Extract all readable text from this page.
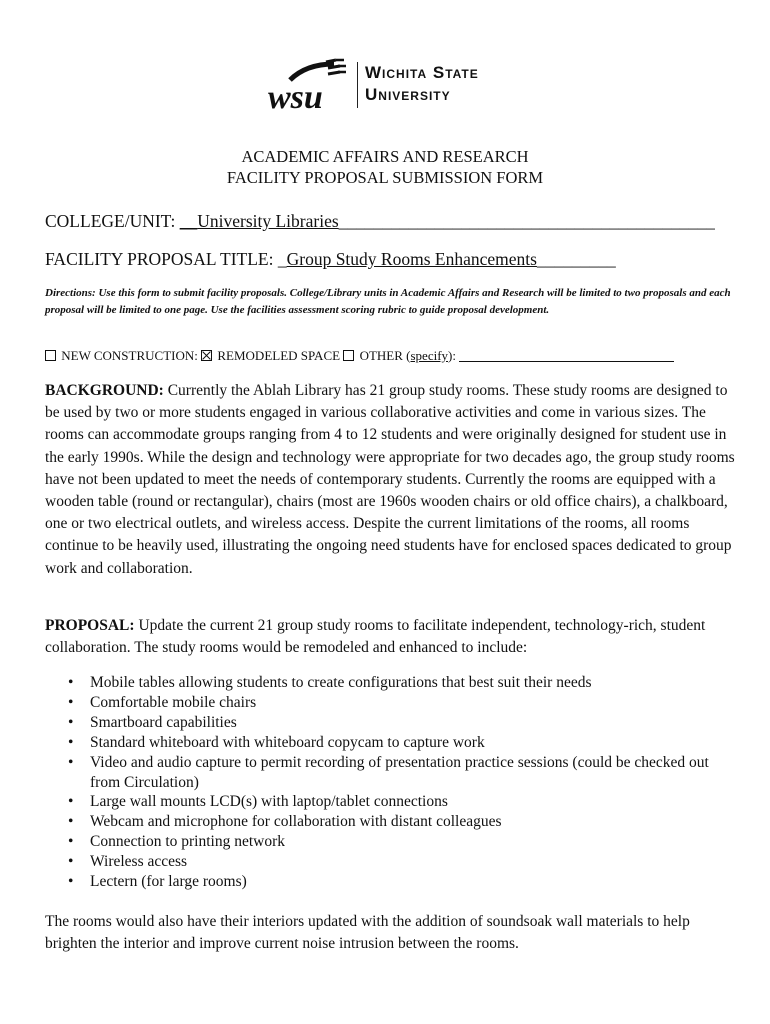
wsu
Wichita State
University
ACADEMIC AFFAIRS AND RESEARCH
FACILITY PROPOSAL SUBMISSION FORM
COLLEGE/UNIT: __University Libraries___________________________________________
FACILITY PROPOSAL TITLE: _Group Study Rooms Enhancements_________
Directions: Use this form to submit facility proposals. College/Library units in Academic Affairs and Research will be limited to two proposals and each proposal will be limited to one page. Use the facilities assessment scoring rubric to guide proposal development.
NEW CONSTRUCTION: REMODELED SPACE OTHER (specify):
BACKGROUND: Currently the Ablah Library has 21 group study rooms. These study rooms are designed to be used by two or more students engaged in various collaborative activities and come in various sizes. The rooms can accommodate groups ranging from 4 to 12 students and were originally designed for student use in the early 1990s. While the design and technology were appropriate for two decades ago, the group study rooms have not been updated to meet the needs of contemporary students. Currently the rooms are equipped with a wooden table (round or rectangular), chairs (most are 1960s wooden chairs or old office chairs), a chalkboard, one or two electrical outlets, and wireless access. Despite the current limitations of the rooms, all rooms continue to be heavily used, illustrating the ongoing need students have for enclosed spaces dedicated to group work and collaboration.
PROPOSAL: Update the current 21 group study rooms to facilitate independent, technology-rich, student collaboration. The study rooms would be remodeled and enhanced to include:
• Mobile tables allowing students to create configurations that best suit their needs
• Comfortable mobile chairs
• Smartboard capabilities
• Standard whiteboard with whiteboard copycam to capture work
• Video and audio capture to permit recording of presentation practice sessions (could be checked out from Circulation)
• Large wall mounts LCD(s) with laptop/tablet connections
• Webcam and microphone for collaboration with distant colleagues
• Connection to printing network
• Wireless access
• Lectern (for large rooms)
The rooms would also have their interiors updated with the addition of soundsoak wall materials to help brighten the interior and improve current noise intrusion between the rooms.
